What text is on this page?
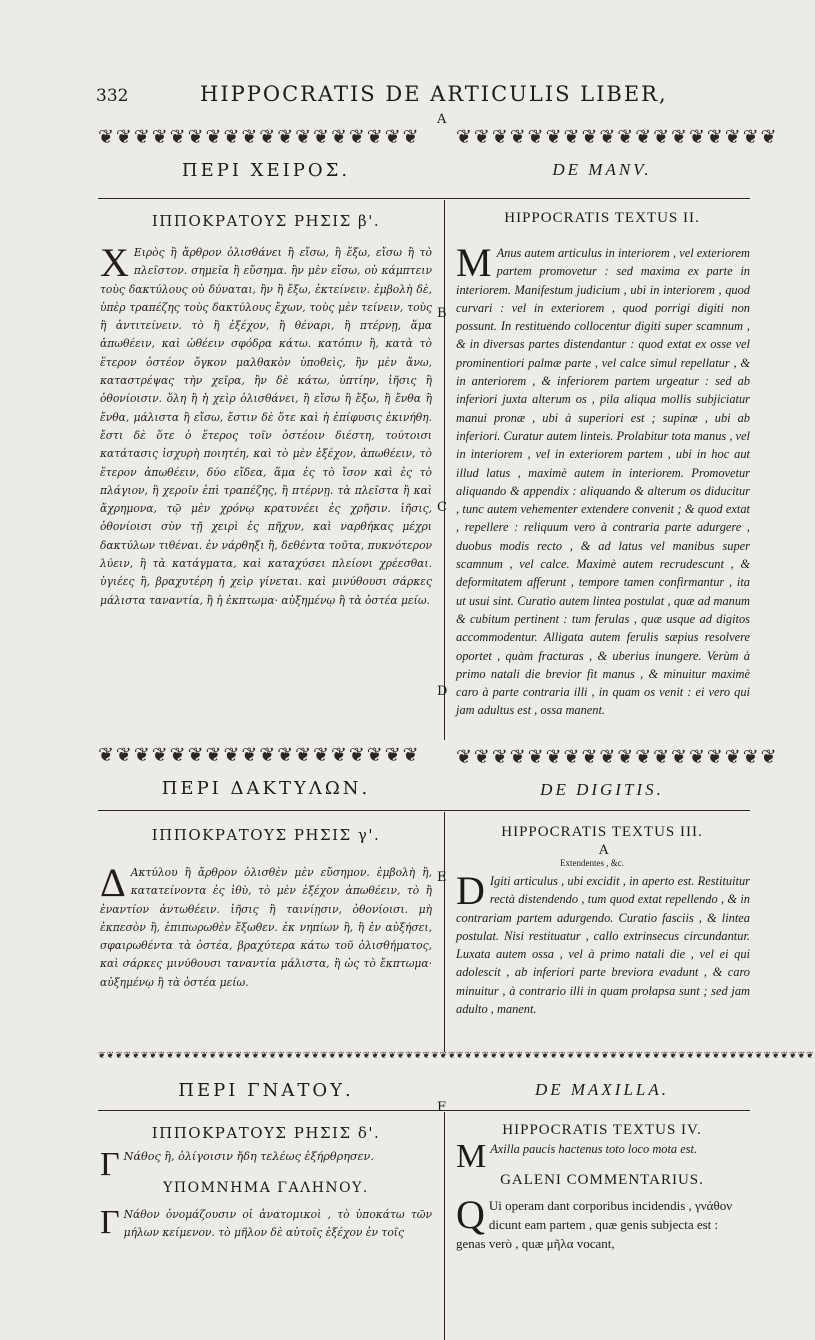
332	HIPPOCRATIS DE ARTICULIS LIBER,
A
❦❦❦❦❦❦❦❦❦❦❦❦❦❦❦❦❦❦	❦❦❦❦❦❦❦❦❦❦❦❦❦❦❦❦❦❦
ΠΕΡΙ ΧΕΙΡΟΣ.	DE MANV.
ΙΠΠΟΚΡΑΤΟΥΣ ΡΗΣΙΣ β'.	HIPPOCRATIS TEXTUS II.
Χ Ειρὸς ἢ ἄρθρον ὀλισθάνει ἢ εἴσω, ἢ ἔξω, εἴσω ἢ τὸ πλεῖστον. σημεῖα ἢ εὔσημα. ἢν μὲν εἴσω, οὐ κάμπτειν τοὺς δακτύλους οὐ δύναται, ἢν ἢ ἔξω, ἐκτείνειν. ἐμβολὴ δὲ, ὑπὲρ τραπέζης τοὺς δακτύλους ἔχων, τοὺς μὲν τείνειν, τοὺς ἢ ἀντιτείνειν. τὸ ἢ ἐξέχον, ἢ θέναρι, ἢ πτέρνῃ, ἅμα ἀπωθέειν, καὶ ὠθέειν σφόδρα κάτω. κατόπιν ἢ, κατὰ τὸ ἕτερον ὀστέον ὄγκον μαλθακὸν ὑποθεὶς, ἢν μὲν ἄνω, καταστρέψας τὴν χεῖρα, ἢν δὲ κάτω, ὑπτίην, ἰῆσις ἢ ὀθονίοισιν. ὅλη ἢ ἡ χεὶρ ὀλισθάνει, ἢ εἴσω ἢ ἔξω, ἢ ἔνθα ἢ ἔνθα, μάλιστα ἢ εἴσω, ἔστιν δὲ ὅτε καὶ ἡ ἐπίφυσις ἐκινήθη. ἔστι δὲ ὅτε ὁ ἕτερος τοῖν ὀστέοιν διέστη, τούτοισι κατάτασις ἰσχυρὴ ποιητέη, καὶ τὸ μὲν ἐξέχον, ἀπωθέειν, τὸ ἕτερον ἀπωθέειν, δύο εἴδεα, ἅμα ἐς τὸ ἴσον καὶ ἐς τὸ πλάγιον, ἢ χεροῖν ἐπὶ τραπέζης, ἢ πτέρνῃ. τὰ πλεῖστα ἢ καὶ ἄχρημονα, τῷ μὲν χρόνῳ κρατυνέει ἐς χρῆσιν. ἰῆσις, ὀθονίοισι σὺν τῇ χειρὶ ἐς πῆχυν, καὶ ναρθήκας μέχρι δακτύλων τιθέναι. ἐν νάρθηξι ἢ, δεθέντα τοῦτα, πυκνότερον λύειν, ἢ τὰ κατάγματα, καὶ καταχύσει πλείονι χρέεσθαι. ὑγιέες ἢ, βραχυτέρη ἡ χεὶρ γίνεται. καὶ μινύθουσι σάρκες μάλιστα ταναντία, ἢ ἡ ἐκπτωμα· αὐξημένῳ ἢ τὰ ὀστέα μείω.
M Anus autem articulus in interiorem , vel exteriorem partem promovetur : sed maxima ex parte in interiorem. Manifestum judicium , ubi in interiorem , quod curvari : vel in exteriorem , quod porrigi digiti non possunt. In restituendo collocentur digiti super scamnum , & in diversas partes distendantur : quod extat ex osse vel prominentiori palmæ parte , vel calce simul repellatur , & in anteriorem , & inferiorem partem urgeatur : sed ab inferiori juxta alterum os , pila aliqua mollis subjiciatur manui pronæ , ubi à superiori est ; supinæ , ubi ab inferiori. Curatur autem linteis. Prolabitur tota manus , vel in interiorem , vel in exteriorem partem , ubi in hoc aut illud latus , maximè autem in interiorem. Promovetur aliquando & appendix : aliquando & alterum os diducitur , tunc autem vehementer extendere convenit ; & quod extat , repellere : reliquum vero à contraria parte adurgere , duobus modis recto , & ad latus vel manibus super scamnum , vel calce. Maximè autem recrudescunt , & deformitatem afferunt , tempore tamen confirmantur , ita ut usui sint. Curatio autem lintea postulat , quæ ad manum & cubitum pertinent : tum ferulas , quæ usque ad digitos accommodentur. Alligata autem ferulis sæpius resolvere oportet , quàm fracturas , & uberius inungere. Verùm à primo natali die brevior fit manus , & minuitur maximè caro à parte contraria illi , in quam os venit : ei vero qui jam adultus est , ossa manent.
B
C
D
❦❦❦❦❦❦❦❦❦❦❦❦❦❦❦❦❦❦	❦❦❦❦❦❦❦❦❦❦❦❦❦❦❦❦❦❦
ΠΕΡΙ ΔΑΚΤΥΛΩΝ.	DE DIGITIS.
ΙΠΠΟΚΡΑΤΟΥΣ ΡΗΣΙΣ γ'.	HIPPOCRATIS TEXTUS III.
A
Extendentes , &c.
Δ Ακτύλου ἢ ἄρθρον ὀλισθὲν μὲν εὔσημον. ἐμβολὴ ἢ, κατατείνοντα ἐς ἰθὺ, τὸ μὲν ἐξέχον ἀπωθέειν, τὸ ἢ ἐναντίον ἀντωθέειν. ἰῆσις ἢ ταινίῃσιν, ὀθονίοισι. μὴ ἐκπεσὸν ἢ, ἐπιπωρωθὲν ἔξωθεν. ἐκ νηπίων ἢ, ἢ ἐν αὐξήσει, σφαιρωθέντα τὰ ὀστέα, βραχύτερα κάτω τοῦ ὀλισθήματος, καὶ σάρκες μινύθουσι ταναντία μάλιστα, ἢ ὡς τὸ ἔκπτωμα· αὐξημένῳ ἢ τὰ ὀστέα μείω.
D Igiti articulus , ubi excidit , in aperto est. Restituitur rectà distendendo , tum quod extat repellendo , & in contrariam partem adurgendo. Curatio fasciis , & lintea postulat. Nisi restituatur , callo extrinsecus circundantur. Luxata autem ossa , vel à primo natali die , vel ei qui adolescit , ab inferiori parte breviora evadunt , & caro minuitur , à contrario illi in quam prolapsa sunt ; sed jam adulto , manent.
E
❦❦❦❦❦❦❦❦❦❦❦❦❦❦❦❦❦❦❦❦❦❦❦❦❦❦❦❦❦❦❦❦❦❦❦❦❦❦❦❦❦❦ ❦❦❦❦❦❦❦❦❦❦❦❦❦❦❦❦❦❦❦❦❦❦❦❦❦❦❦❦❦❦❦❦❦❦❦❦❦❦❦❦❦❦
ΠΕΡΙ ΓΝΑΤΟΥ.	DE MAXILLA.
F
ΙΠΠΟΚΡΑΤΟΥΣ ΡΗΣΙΣ δ'.	HIPPOCRATIS TEXTUS IV.
Γ Νάθος ἢ, ὀλίγοισιν ἤδη τελέως ἐξήρθρησεν.	M Axilla paucis hactenus toto loco mota est.
ΥΠΟΜΝΗΜΑ ΓΑΛΗΝΟΥ.	GALENI COMMENTARIUS.
Γ Νάθον ὀνομάζουσιν οἱ ἀνατομικοὶ , τὸ ὑποκάτω τῶν μήλων κείμενον. τὸ μῆλον δὲ αὐτοῖς ἐξέχον ἐν τοῖς	Q Ui operam dant corporibus incidendis , γνάθον dicunt eam partem , quæ genis subjecta est : genas verò , quæ μῆλα vocant,
